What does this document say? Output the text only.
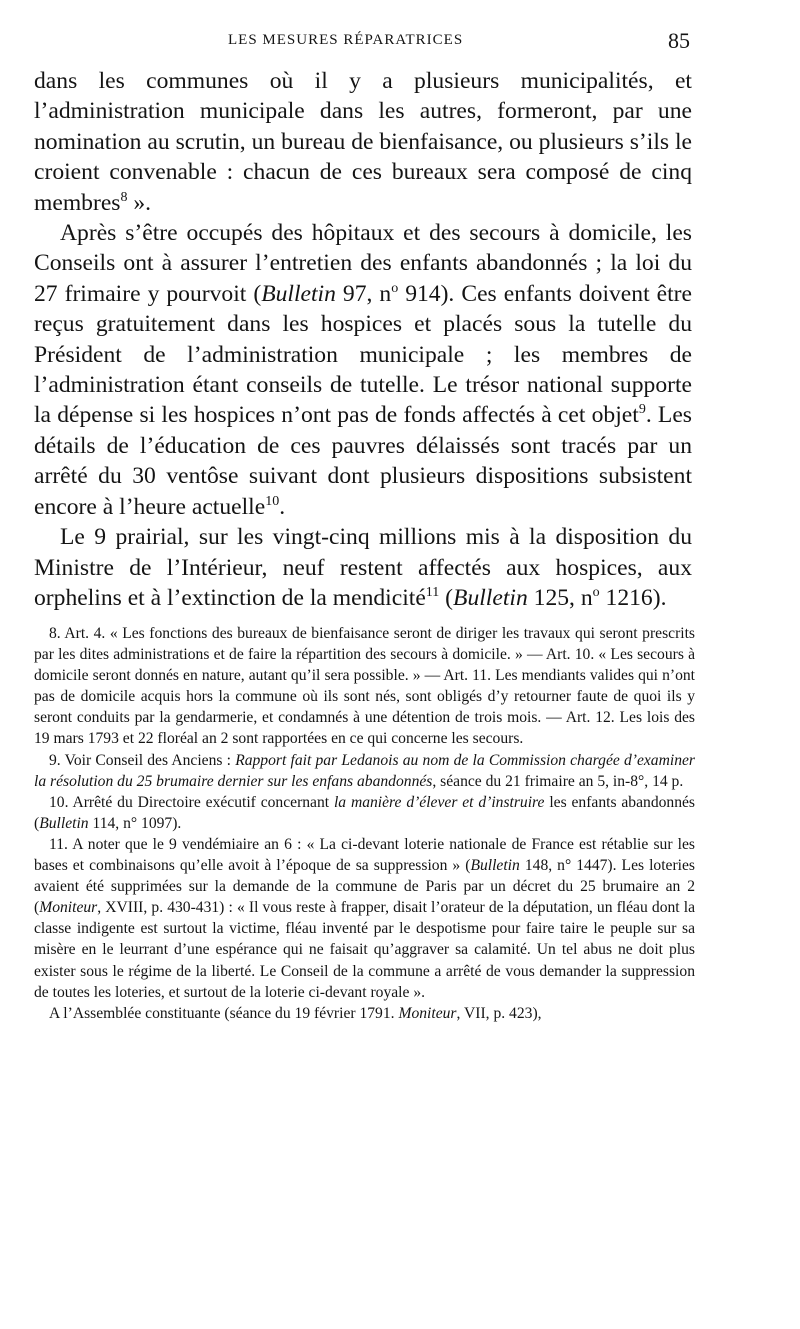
LES MESURES RÉPARATRICES	85

dans les communes où il y a plusieurs municipalités, et l’administration municipale dans les autres, formeront, par une nomination au scrutin, un bureau de bienfaisance, ou plusieurs s’ils le croient convenable : chacun de ces bureaux sera composé de cinq membres$^8$ ».

Après s’être occupés des hôpitaux et des secours à domicile, les Conseils ont à assurer l’entretien des enfants abandonnés ; la loi du 27 frimaire y pourvoit (Bulletin 97, n$^o$ 914). Ces enfants doivent être reçus gratuitement dans les hospices et placés sous la tutelle du Président de l’administration municipale ; les membres de l’administration étant conseils de tutelle. Le trésor national supporte la dépense si les hospices n’ont pas de fonds affectés à cet objet$^9$. Les détails de l’éducation de ces pauvres délaissés sont tracés par un arrêté du 30 ventôse suivant dont plusieurs dispositions subsistent encore à l’heure actuelle$^{10}$.

Le 9 prairial, sur les vingt-cinq millions mis à la disposition du Ministre de l’Intérieur, neuf restent affectés aux hospices, aux orphelins et à l’extinction de la mendicité$^{11}$ (Bulletin 125, n$^o$ 1216).

8. Art. 4. « Les fonctions des bureaux de bienfaisance seront de diriger les travaux qui seront prescrits par les dites administrations et de faire la répartition des secours à domicile. » — Art. 10. « Les secours à domicile seront donnés en nature, autant qu’il sera possible. » — Art. 11. Les mendiants valides qui n’ont pas de domicile acquis hors la commune où ils sont nés, sont obligés d’y retourner faute de quoi ils y seront conduits par la gendarmerie, et condamnés à une détention de trois mois. — Art. 12. Les lois des 19 mars 1793 et 22 floréal an 2 sont rapportées en ce qui concerne les secours.

9. Voir Conseil des Anciens : Rapport fait par Ledanois au nom de la Commission chargée d’examiner la résolution du 25 brumaire dernier sur les enfans abandonnés, séance du 21 frimaire an 5, in-8°, 14 p.

10. Arrêté du Directoire exécutif concernant la manière d’élever et d’instruire les enfants abandonnés (Bulletin 114, n° 1097).

11. A noter que le 9 vendémiaire an 6 : « La ci-devant loterie nationale de France est rétablie sur les bases et combinaisons qu’elle avoit à l’époque de sa suppression » (Bulletin 148, n° 1447). Les loteries avaient été supprimées sur la demande de la commune de Paris par un décret du 25 brumaire an 2 (Moniteur, XVIII, p. 430-431) : « Il vous reste à frapper, disait l’orateur de la députation, un fléau dont la classe indigente est surtout la victime, fléau inventé par le despotisme pour faire taire le peuple sur sa misère en le leurrant d’une espérance qui ne faisait qu’aggraver sa calamité. Un tel abus ne doit plus exister sous le régime de la liberté. Le Conseil de la commune a arrêté de vous demander la suppression de toutes les loteries, et surtout de la loterie ci-devant royale ».

A l’Assemblée constituante (séance du 19 février 1791. Moniteur, VII, p. 423),
